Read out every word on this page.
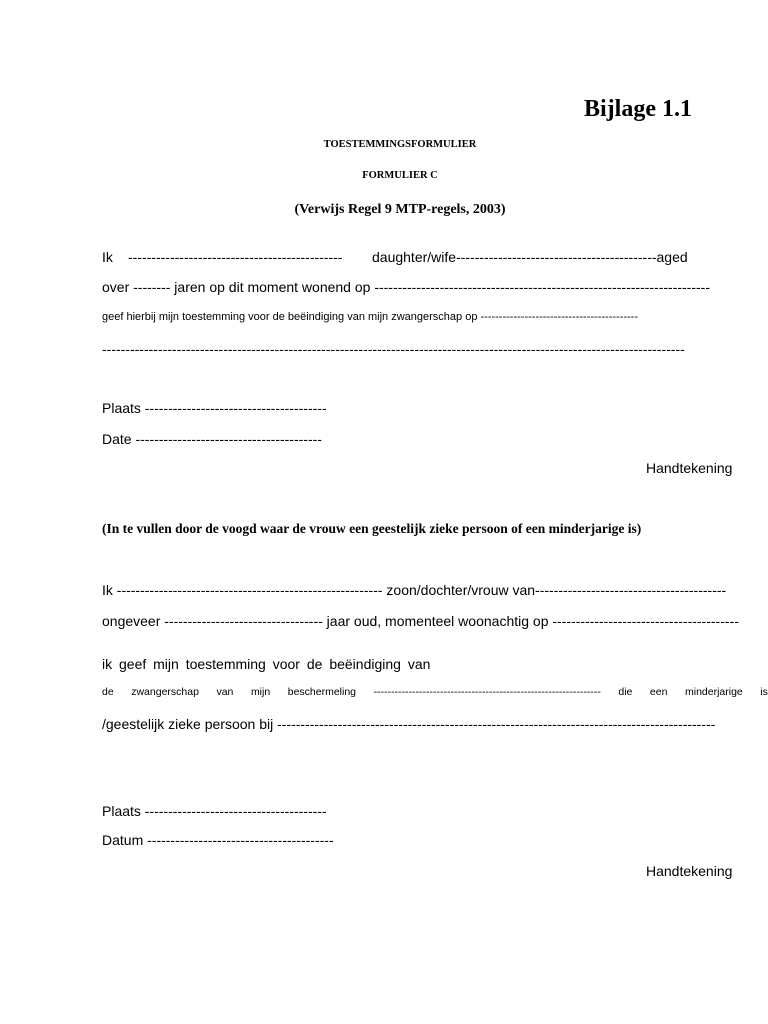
Bijlage 1.1
TOESTEMMINGSFORMULIER
FORMULIER C
(Verwijs Regel 9 MTP-regels, 2003)
Ik ---------------------------------------------- daughter/wife-------------------------------------------aged
over -------- jaren op dit moment wonend op ------------------------------------------------------------------------
geef hierbij mijn toestemming voor de beëindiging van mijn zwangerschap op -------------------------------------------
-----------------------------------------------------------------------------------------------------------------------------
Plaats ---------------------------------------
Date ----------------------------------------
Handtekening
(In te vullen door de voogd waar de vrouw een geestelijk zieke persoon of een minderjarige is)
Ik --------------------------------------------------------- zoon/dochter/vrouw van-----------------------------------------
ongeveer ---------------------------------- jaar oud, momenteel woonachtig op ----------------------------------------
ik geef mijn toestemming voor de beëindiging van
de zwangerschap van mijn beschermeling ----------------------------------------------------------------- die een minderjarige is
/geestelijk zieke persoon bij ----------------------------------------------------------------------------------------------
Plaats ---------------------------------------
Datum ----------------------------------------
Handtekening
